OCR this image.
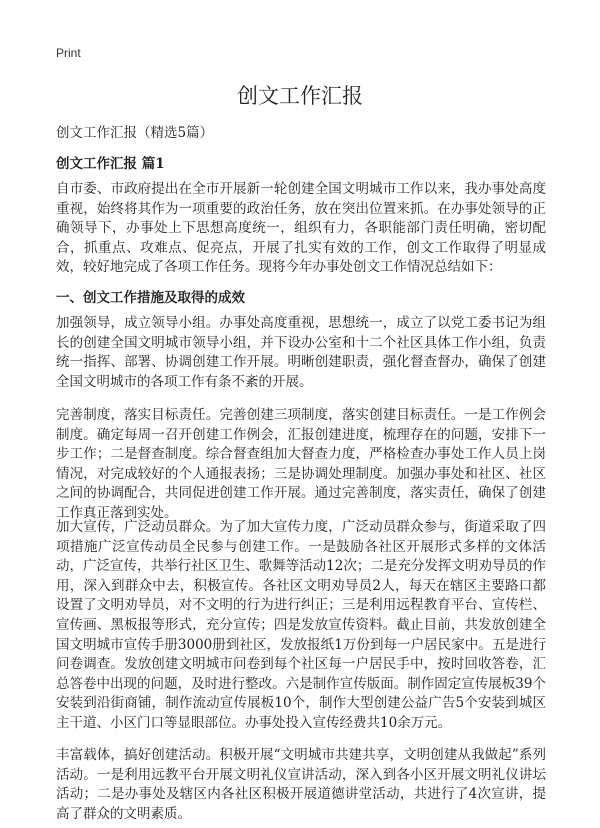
Print
创文工作汇报

创文工作汇报（精选5篇）

创文工作汇报 篇1

自市委、市政府提出在全市开展新一轮创建全国文明城市工作以来，我办事处高度重视，始终将其作为一项重要的政治任务，放在突出位置来抓。在办事处领导的正确领导下，办事处上下思想高度统一，组织有力，各职能部门责任明确，密切配合，抓重点、攻难点、促亮点，开展了扎实有效的工作，创文工作取得了明显成效，较好地完成了各项工作任务。现将今年办事处创文工作情况总结如下：

一、创文工作措施及取得的成效

加强领导，成立领导小组。办事处高度重视，思想统一，成立了以党工委书记为组长的创建全国文明城市领导小组，并下设办公室和十二个社区具体工作小组，负责统一指挥、部署、协调创建工作开展。明晰创建职责，强化督查督办，确保了创建全国文明城市的各项工作有条不紊的开展。

完善制度，落实目标责任。完善创建三项制度，落实创建目标责任。一是工作例会制度。确定每周一召开创建工作例会，汇报创建进度，梳理存在的问题，安排下一步工作；二是督查制度。综合督查组加大督查力度，严格检查办事处工作人员上岗情况，对完成较好的个人通报表扬；三是协调处理制度。加强办事处和社区、社区之间的协调配合，共同促进创建工作开展。通过完善制度，落实责任，确保了创建工作真正落到实处。

加大宣传，广泛动员群众。为了加大宣传力度，广泛动员群众参与，街道采取了四项措施广泛宣传动员全民参与创建工作。一是鼓励各社区开展形式多样的文体活动，广泛宣传，共举行社区卫生、歌舞等活动12次；二是充分发挥文明劝导员的作用，深入到群众中去，积极宣传。各社区文明劝导员2人，每天在辖区主要路口都设置了文明劝导员，对不文明的行为进行纠正；三是利用远程教育平台、宣传栏、宣传画、黑板报等形式，充分宣传；四是发放宣传资料。截止目前，共发放创建全国文明城市宣传手册3000册到社区，发放报纸1万份到每一户居民家中。五是进行问卷调查。发放创建文明城市问卷到每个社区每一户居民手中，按时回收答卷，汇总答卷中出现的问题，及时进行整改。六是制作宣传版面。制作固定宣传展板39个安装到沿街商铺，制作流动宣传展板10个，制作大型创建公益广告5个安装到城区主干道、小区门口等显眼部位。办事处投入宣传经费共10余万元。

丰富载体，搞好创建活动。积极开展“文明城市共建共享，文明创建从我做起”系列活动。一是利用远教平台开展文明礼仪宣讲活动，深入到各小区开展文明礼仪讲坛活动；二是办事处及辖区内各社区积极开展道德讲堂活动，共进行了4次宣讲，提高了群众的文明素质。
